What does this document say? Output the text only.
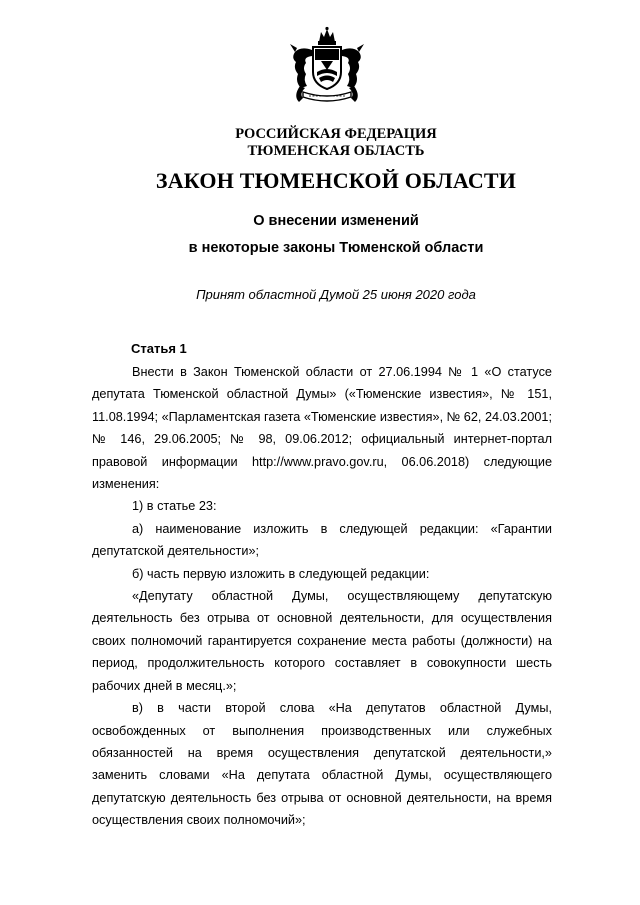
РОССИЙСКАЯ ФЕДЕРАЦИЯ
ТЮМЕНСКАЯ ОБЛАСТЬ
ЗАКОН ТЮМЕНСКОЙ ОБЛАСТИ
О внесении изменений
в некоторые законы Тюменской области
Принят областной Думой 25 июня 2020 года
Статья 1

Внести в Закон Тюменской области от 27.06.1994 № 1 «О статусе депутата Тюменской областной Думы» («Тюменские известия», № 151, 11.08.1994; «Парламентская газета «Тюменские известия», № 62, 24.03.2001; № 146, 29.06.2005; № 98, 09.06.2012; официальный интернет-портал правовой информации http://www.pravo.gov.ru, 06.06.2018) следующие изменения:

1) в статье 23:

а) наименование изложить в следующей редакции: «Гарантии депутатской деятельности»;

б) часть первую изложить в следующей редакции:

«Депутату областной Думы, осуществляющему депутатскую деятельность без отрыва от основной деятельности, для осуществления своих полномочий гарантируется сохранение места работы (должности) на период, продолжительность которого составляет в совокупности шесть рабочих дней в месяц.»;

в) в части второй слова «На депутатов областной Думы, освобожденных от выполнения производственных или служебных обязанностей на время осуществления депутатской деятельности,» заменить словами «На депутата областной Думы, осуществляющего депутатскую деятельность без отрыва от основной деятельности, на время осуществления своих полномочий»;
